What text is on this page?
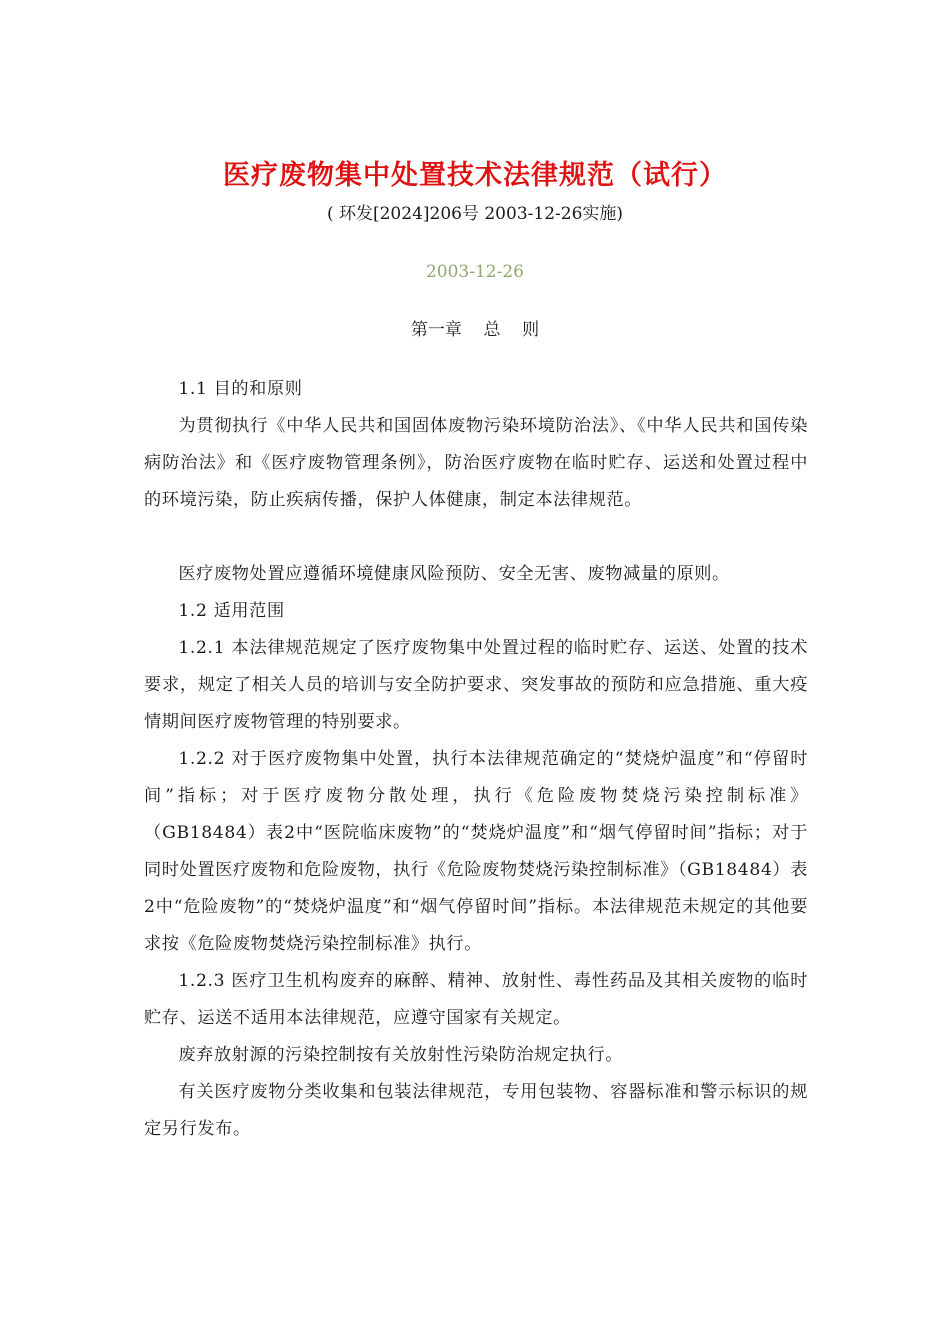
医疗废物集中处置技术法律规范（试行）
( 环发[2024]206号 2003-12-26实施)
2003-12-26
第一章    总    则

1.1 目的和原则

为贯彻执行《中华人民共和国固体废物污染环境防治法》、《中华人民共和国传染病防治法》和《医疗废物管理条例》，防治医疗废物在临时贮存、运送和处置过程中的环境污染，防止疾病传播，保护人体健康，制定本法律规范。

医疗废物处置应遵循环境健康风险预防、安全无害、废物减量的原则。

1.2 适用范围

1.2.1 本法律规范规定了医疗废物集中处置过程的临时贮存、运送、处置的技术要求，规定了相关人员的培训与安全防护要求、突发事故的预防和应急措施、重大疫情期间医疗废物管理的特别要求。

1.2.2 对于医疗废物集中处置，执行本法律规范确定的“焚烧炉温度”和“停留时间”指标；对于医疗废物分散处理，执行《危险废物焚烧污染控制标准》（GB18484）表2中“医院临床废物”的“焚烧炉温度”和“烟气停留时间”指标；对于同时处置医疗废物和危险废物，执行《危险废物焚烧污染控制标准》（GB18484）表2中“危险废物”的“焚烧炉温度”和“烟气停留时间”指标。本法律规范未规定的其他要求按《危险废物焚烧污染控制标准》执行。

1.2.3 医疗卫生机构废弃的麻醉、精神、放射性、毒性药品及其相关废物的临时贮存、运送不适用本法律规范，应遵守国家有关规定。

废弃放射源的污染控制按有关放射性污染防治规定执行。

有关医疗废物分类收集和包装法律规范，专用包装物、容器标准和警示标识的规定另行发布。
